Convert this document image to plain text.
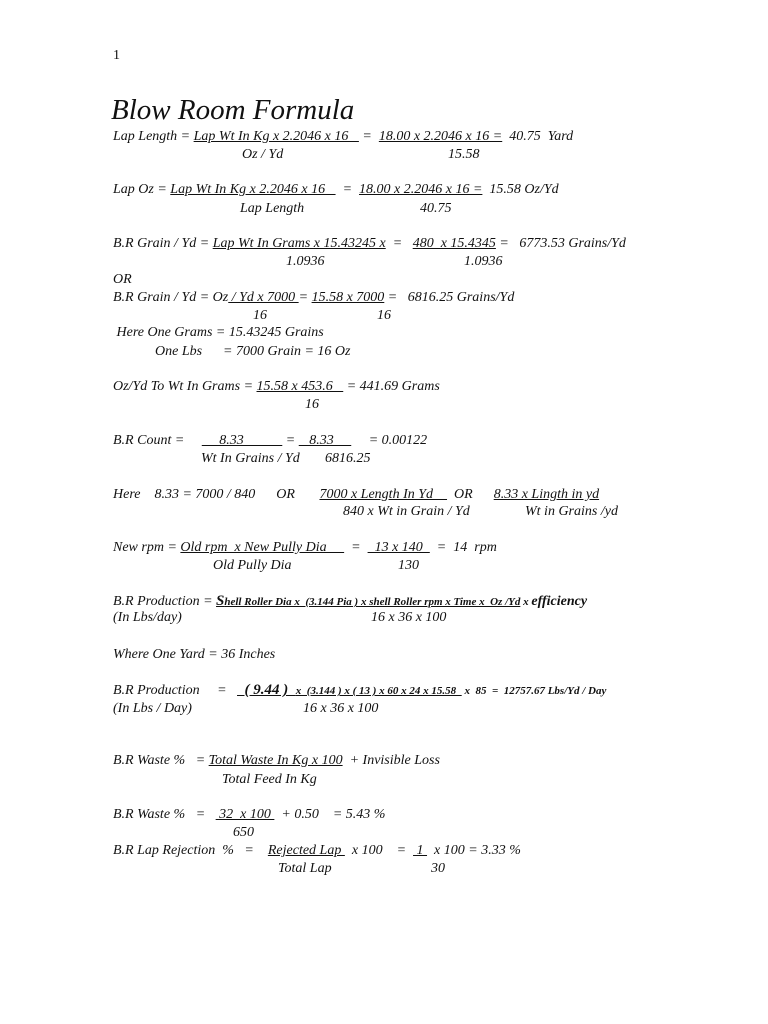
1
Blow Room Formula
Lap Length = Lap Wt In Kg x 2.2046 x 16    =  18.00 x 2.2046 x 16 =  40.75  Yard
Oz / Yd	15.58
Lap Oz = Lap Wt In Kg x 2.2046 x 16     =  18.00 x 2.2046 x 16 =  15.58 Oz/Yd
Lap Length	40.75
B.R Grain / Yd = Lap Wt In Grams x 15.43245 x  =   480  x 15.4345 =   6773.53 Grains/Yd
1.0936	1.0936
OR
B.R Grain / Yd = Oz / Yd x 7000 = 15.58 x 7000 =   6816.25 Grains/Yd
16	16
Here One Grams = 15.43245 Grains
One Lbs      = 7000 Grain = 16 Oz
Oz/Yd To Wt In Grams = 15.58 x 453.6    = 441.69 Grams
16
B.R Count =          8.33            =    8.33          = 0.00122
Wt In Grains / Yd 6816.25
Here    8.33 = 7000 / 840      OR       7000 x Length In Yd      OR      8.33 x Lingth in yd
840 x Wt in Grain / Yd	Wt in Grains /yd
New rpm = Old rpm  x New Pully Dia       =    13 x 140    =  14  rpm
Old Pully Dia	130
B.R Production = Shell Roller Dia x  (3.144 Pia ) x shell Roller rpm x Time x  Oz /Yd x efficiency
(In Lbs/day)	16 x 36 x 100
Where One Yard = 36 Inches
B.R Production     =     ( 9.44 )  x  (3.144 ) x ( 13 ) x 60 x 24 x 15.58   x  85  =  12757.67 Lbs/Yd / Day
(In Lbs / Day)	16 x 36 x 100
B.R Waste %   = Total Waste In Kg x 100  + Invisible Loss
Total Feed In Kg
B.R Waste %   =    32  x 100   + 0.50    = 5.43 %
650
B.R Lap Rejection  %   =    Rejected Lap   x 100    =   1   x 100 = 3.33 %
Total Lap	30
